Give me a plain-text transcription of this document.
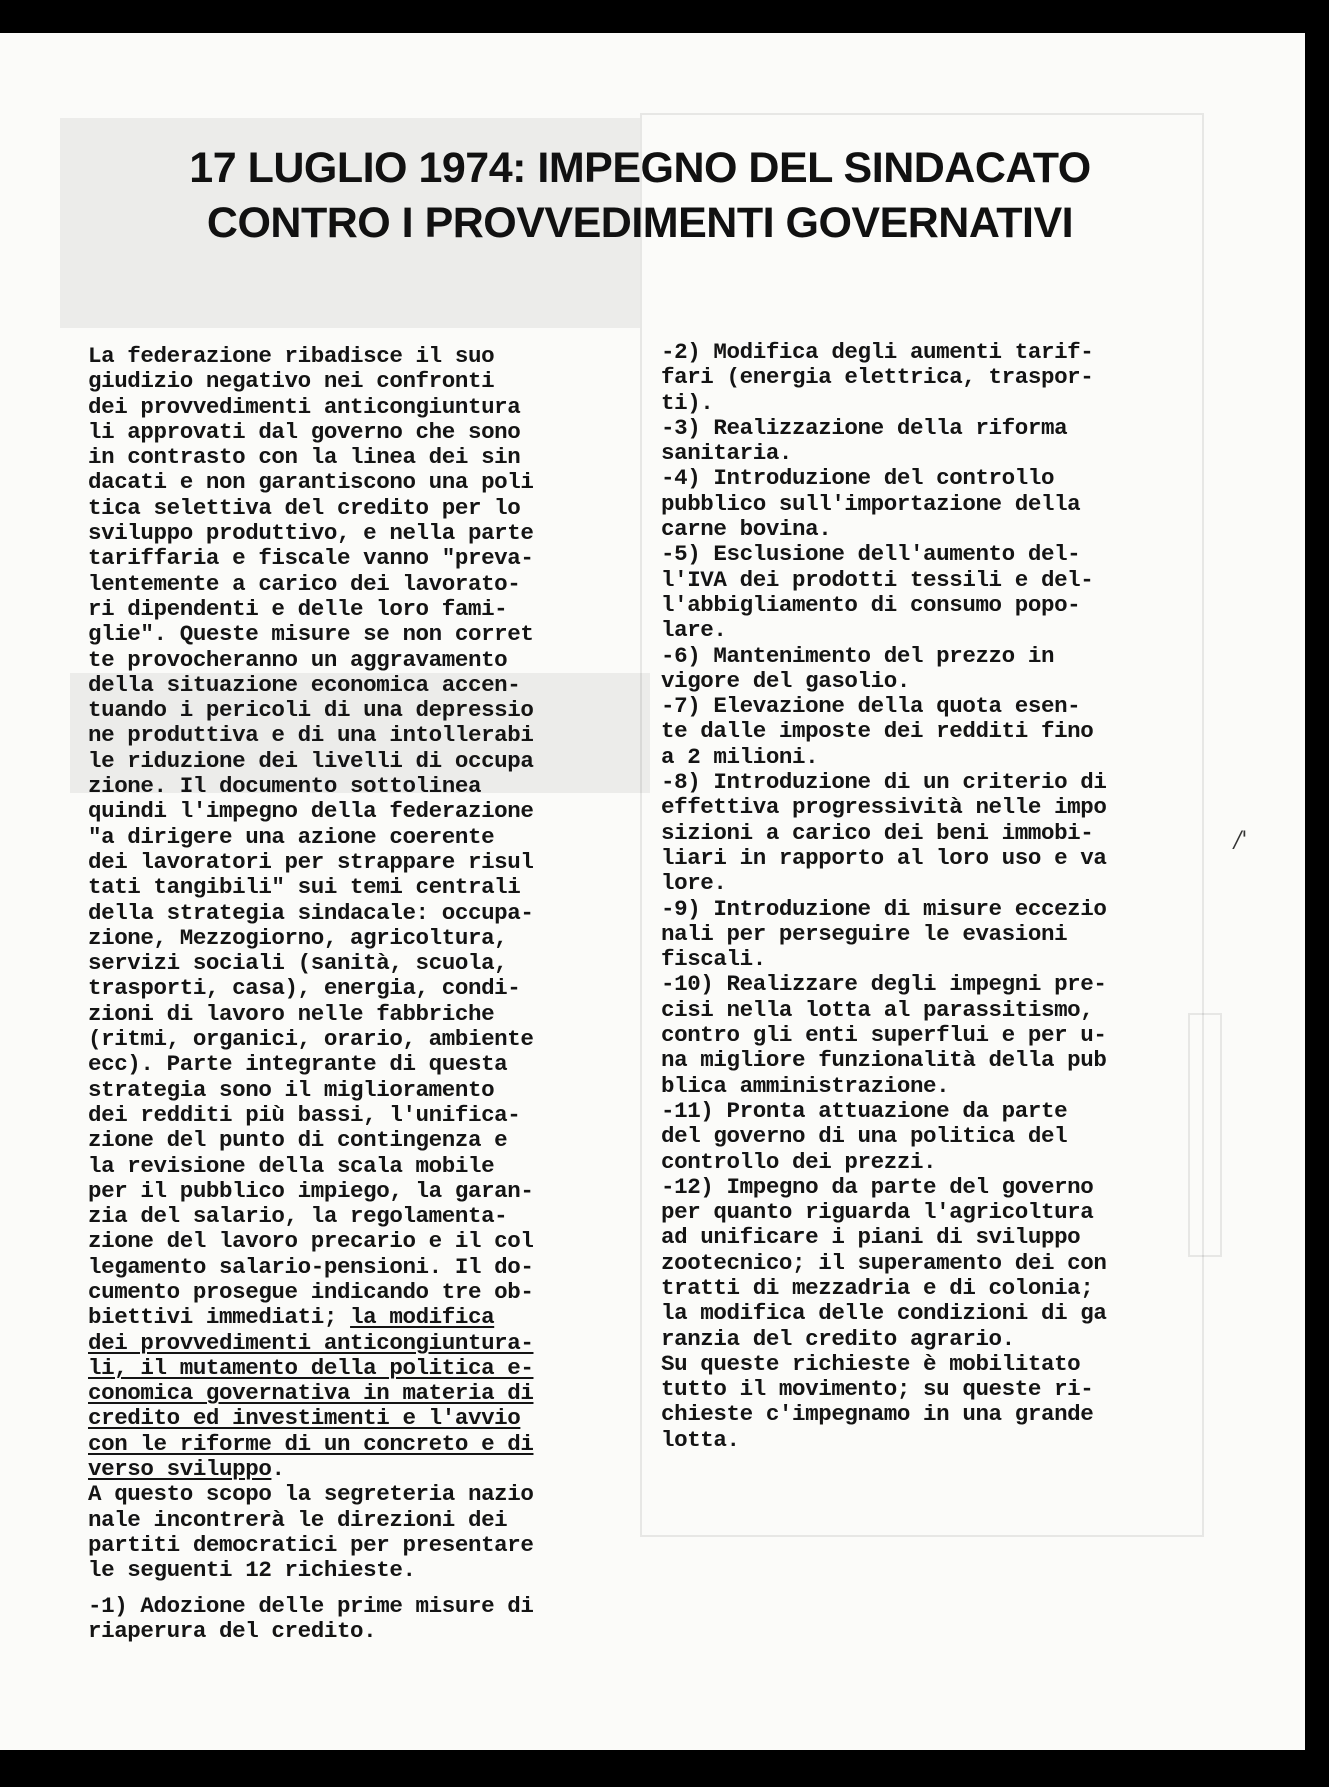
17 LUGLIO 1974: IMPEGNO DEL SINDACATO
CONTRO I PROVVEDIMENTI GOVERNATIVI

La federazione ribadisce il suo
giudizio negativo nei confronti
dei provvedimenti anticongiuntura
li approvati dal governo che sono
in contrasto con la linea dei sin
dacati e non garantiscono una poli
tica selettiva del credito per lo
sviluppo produttivo, e nella parte
tariffaria e fiscale vanno "preva-
lentemente a carico dei lavorato-
ri dipendenti e delle loro fami-
glie". Queste misure se non corret
te provocheranno un aggravamento
della situazione economica accen-
tuando i pericoli di una depressio
ne produttiva e di una intollerabi
le riduzione dei livelli di occupa
zione. Il documento sottolinea
quindi l'impegno della federazione
"a dirigere una azione coerente
dei lavoratori per strappare risul
tati tangibili" sui temi centrali
della strategia sindacale: occupa-
zione, Mezzogiorno, agricoltura,
servizi sociali (sanità, scuola,
trasporti, casa), energia, condi-
zioni di lavoro nelle fabbriche
(ritmi, organici, orario, ambiente
ecc). Parte integrante di questa
strategia sono il miglioramento
dei redditi più bassi, l'unifica-
zione del punto di contingenza e
la revisione della scala mobile
per il pubblico impiego, la garan-
zia del salario, la regolamenta-
zione del lavoro precario e il col
legamento salario-pensioni. Il do-
cumento prosegue indicando tre ob-
biettivi immediati; la modifica
dei provvedimenti anticongiuntura-
li, il mutamento della politica e-
conomica governativa in materia di
credito ed investimenti e l'avvio
con le riforme di un concreto e di
verso sviluppo.
A questo scopo la segreteria nazio
nale incontrerà le direzioni dei
partiti democratici per presentare
le seguenti 12 richieste.

-1) Adozione delle prime misure di
riaperura del credito.

-2) Modifica degli aumenti tarif-
fari (energia elettrica, traspor-
ti).

-3) Realizzazione della riforma
sanitaria.

-4) Introduzione del controllo
pubblico sull'importazione della
carne bovina.

-5) Esclusione dell'aumento del-
l'IVA dei prodotti tessili e del-
l'abbigliamento di consumo popo-
lare.

-6) Mantenimento del prezzo in
vigore del gasolio.

-7) Elevazione della quota esen-
te dalle imposte dei redditi fino
a 2 milioni.

-8) Introduzione di un criterio di
effettiva progressività nelle impo
sizioni a carico dei beni immobi-
liari in rapporto al loro uso e va
lore.

-9) Introduzione di misure eccezio
nali per perseguire le evasioni
fiscali.

-10) Realizzare degli impegni pre-
cisi nella lotta al parassitismo,
contro gli enti superflui e per u-
na migliore funzionalità della pub
blica amministrazione.

-11) Pronta attuazione da parte
del governo di una politica del
controllo dei prezzi.

-12) Impegno da parte del governo
per quanto riguarda l'agricoltura
ad unificare i piani di sviluppo
zootecnico; il superamento dei con
tratti di mezzadria e di colonia;
la modifica delle condizioni di ga
ranzia del credito agrario.

Su queste richieste è mobilitato
tutto il movimento; su queste ri-
chieste c'impegnamo in una grande
lotta.

/'
